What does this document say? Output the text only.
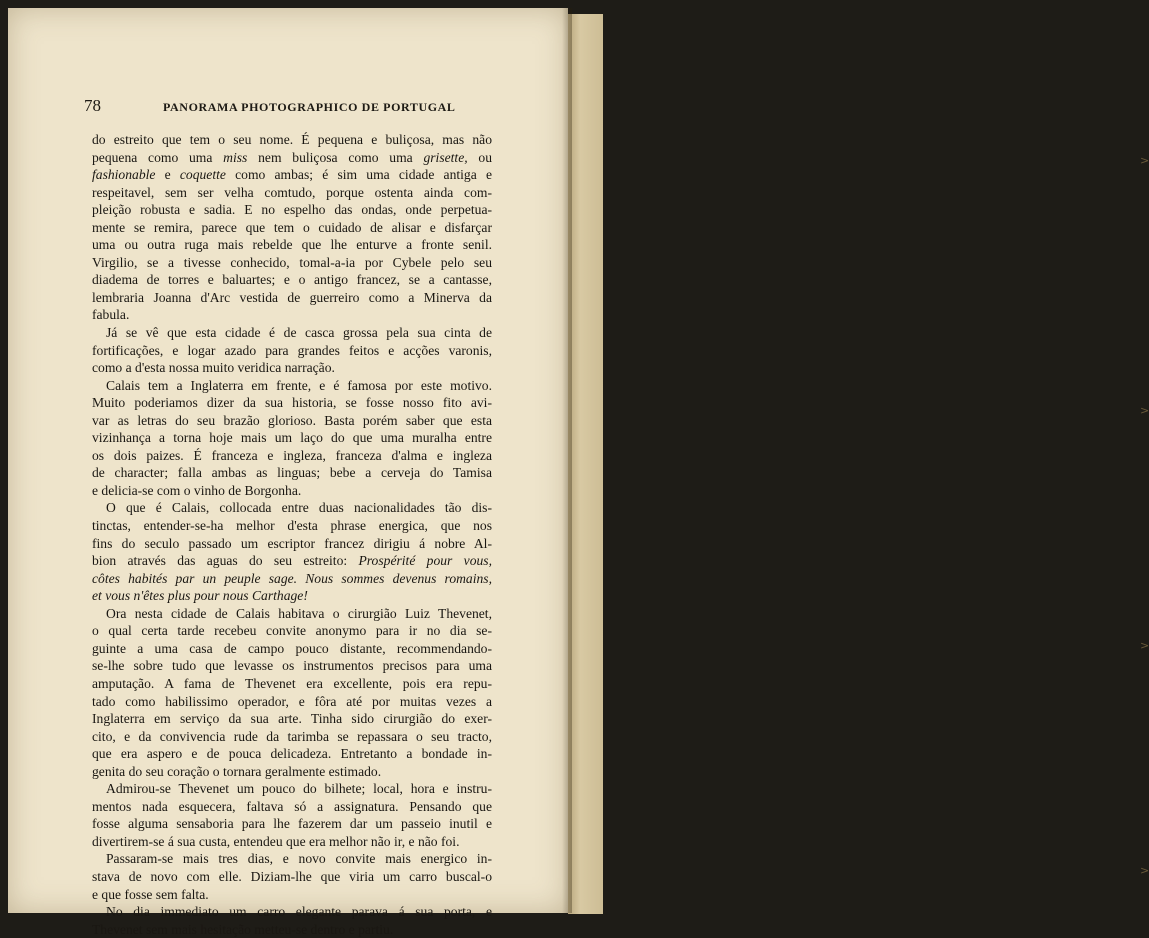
>
>
>
>
78	PANORAMA PHOTOGRAPHICO DE PORTUGAL
do estreito que tem o seu nome. É pequena e buliçosa, mas não
pequena como uma miss nem buliçosa como uma grisette, ou
fashionable e coquette como ambas; é sim uma cidade antiga e
respeitavel, sem ser velha comtudo, porque ostenta ainda com-
pleição robusta e sadia. E no espelho das ondas, onde perpetua-
mente se remira, parece que tem o cuidado de alisar e disfarçar
uma ou outra ruga mais rebelde que lhe enturve a fronte senil.
Virgilio, se a tivesse conhecido, tomal-a-ia por Cybele pelo seu
diadema de torres e baluartes; e o antigo francez, se a cantasse,
lembraria Joanna d'Arc vestida de guerreiro como a Minerva da
fabula.
Já se vê que esta cidade é de casca grossa pela sua cinta de
fortificações, e logar azado para grandes feitos e acções varonis,
como a d'esta nossa muito veridica narração.
Calais tem a Inglaterra em frente, e é famosa por este motivo.
Muito poderiamos dizer da sua historia, se fosse nosso fito avi-
var as letras do seu brazão glorioso. Basta porém saber que esta
vizinhança a torna hoje mais um laço do que uma muralha entre
os dois paizes. É franceza e ingleza, franceza d'alma e ingleza
de character; falla ambas as linguas; bebe a cerveja do Tamisa
e delicia-se com o vinho de Borgonha.
O que é Calais, collocada entre duas nacionalidades tão dis-
tinctas, entender-se-ha melhor d'esta phrase energica, que nos
fins do seculo passado um escriptor francez dirigiu á nobre Al-
bion através das aguas do seu estreito: Prospérité pour vous,
côtes habités par un peuple sage. Nous sommes devenus romains,
et vous n'êtes plus pour nous Carthage!
Ora nesta cidade de Calais habitava o cirurgião Luiz Thevenet,
o qual certa tarde recebeu convite anonymo para ir no dia se-
guinte a uma casa de campo pouco distante, recommendando-
se-lhe sobre tudo que levasse os instrumentos precisos para uma
amputação. A fama de Thevenet era excellente, pois era repu-
tado como habilissimo operador, e fôra até por muitas vezes a
Inglaterra em serviço da sua arte. Tinha sido cirurgião do exer-
cito, e da convivencia rude da tarimba se repassara o seu tracto,
que era aspero e de pouca delicadeza. Entretanto a bondade in-
genita do seu coração o tornara geralmente estimado.
Admirou-se Thevenet um pouco do bilhete; local, hora e instru-
mentos nada esquecera, faltava só a assignatura. Pensando que
fosse alguma sensaboria para lhe fazerem dar um passeio inutil e
divertirem-se á sua custa, entendeu que era melhor não ir, e não foi.
Passaram-se mais tres dias, e novo convite mais energico in-
stava de novo com elle. Diziam-lhe que viria um carro buscal-o
e que fosse sem falta.
No dia immediato um carro elegante parava á sua porta, e
Thevenet sem mais hesitação metteu-se dentro e partiu.
